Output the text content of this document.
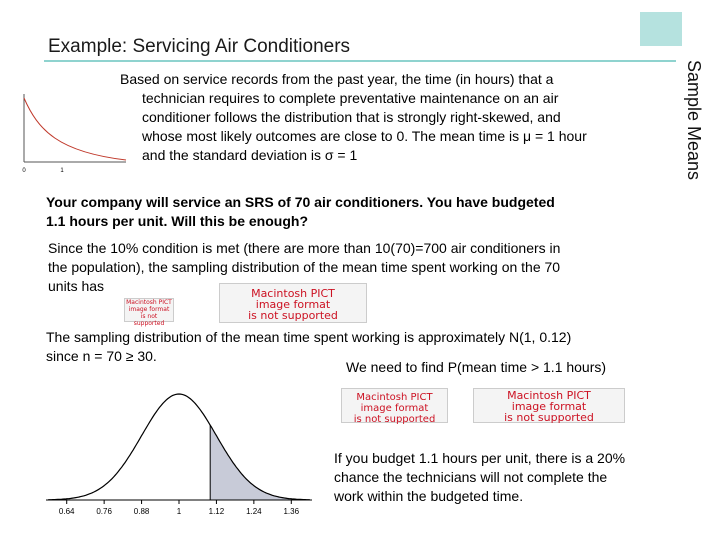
Example: Servicing Air Conditioners
Sample Means
0	1
Based on service records from the past year, the time (in hours) that a
technician requires to complete preventative maintenance on an air
conditioner follows the distribution that is strongly right-skewed, and
whose most likely outcomes are close to 0. The mean time is μ = 1 hour
and the standard deviation is σ = 1
Your company will service an SRS of 70 air conditioners. You have budgeted
1.1 hours per unit. Will this be enough?
Since the 10% condition is met (there are more than 10(70)=700 air conditioners in
the population), the sampling distribution of the mean time spent working on the 70
units has	Macintosh PICT
image format
is not supported
The sampling distribution of the mean time spent working is approximately N(1, 0.12)
since n = 70 ≥ 30.
We need to find P(mean time > 1.1 hours)
0.64	0.76	0.88	1	1.12	1.24	1.36
Macintosh PICT
image format
is not supported
Macintosh PICT
image format
is not supported
Macintosh PICT
image format
is not supported
If you budget 1.1 hours per unit, there is a 20%
chance the technicians will not complete the
work within the budgeted time.
